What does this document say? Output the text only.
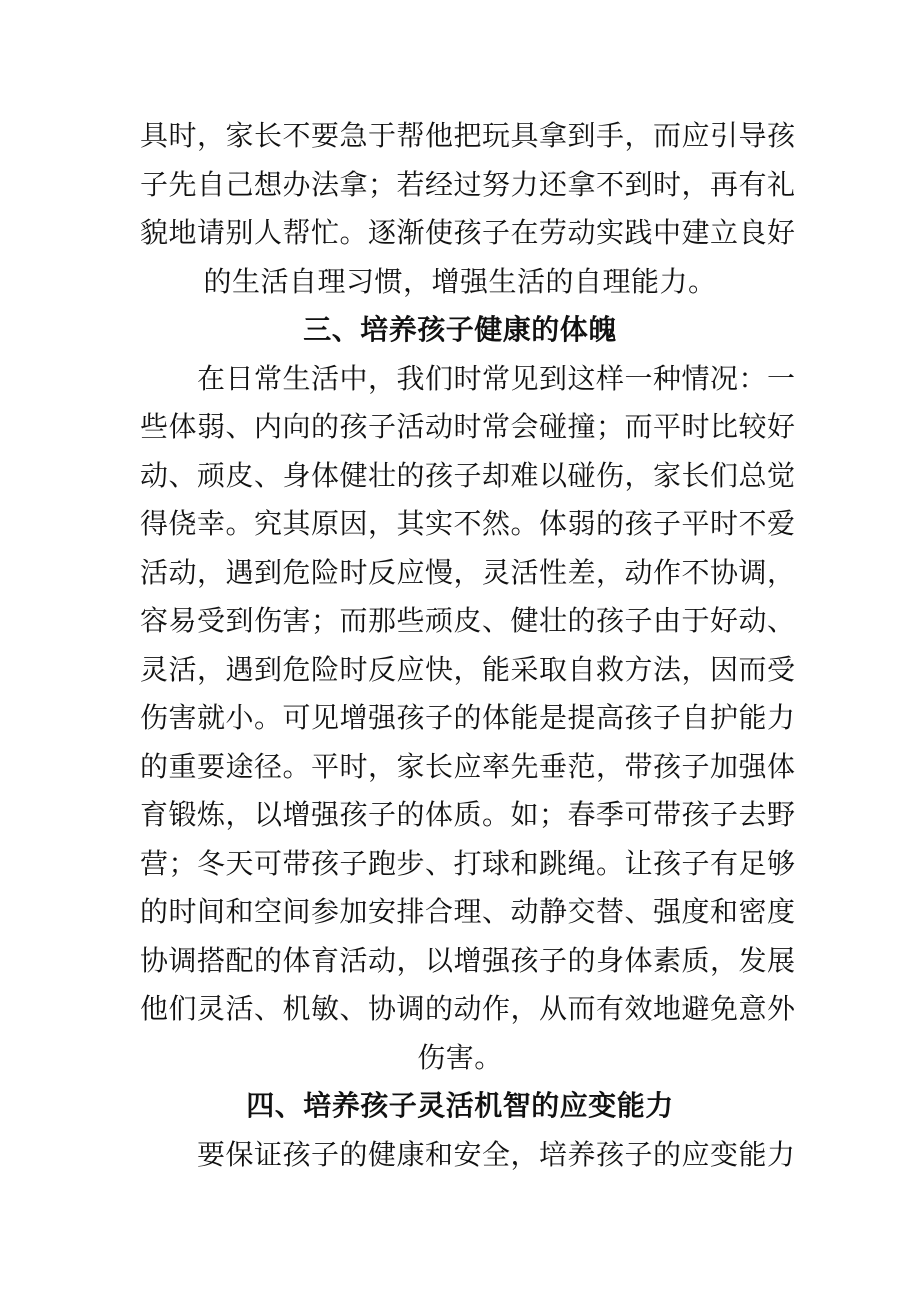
具时，家长不要急于帮他把玩具拿到手，而应引导孩
子先自己想办法拿；若经过努力还拿不到时，再有礼
貌地请别人帮忙。逐渐使孩子在劳动实践中建立良好
的生活自理习惯，增强生活的自理能力。
三、培养孩子健康的体魄
　　在日常生活中，我们时常见到这样一种情况：一
些体弱、内向的孩子活动时常会碰撞；而平时比较好
动、顽皮、身体健壮的孩子却难以碰伤，家长们总觉
得侥幸。究其原因，其实不然。体弱的孩子平时不爱
活动，遇到危险时反应慢，灵活性差，动作不协调，
容易受到伤害；而那些顽皮、健壮的孩子由于好动、
灵活，遇到危险时反应快，能采取自救方法，因而受
伤害就小。可见增强孩子的体能是提高孩子自护能力
的重要途径。平时，家长应率先垂范，带孩子加强体
育锻炼，以增强孩子的体质。如；春季可带孩子去野
营；冬天可带孩子跑步、打球和跳绳。让孩子有足够
的时间和空间参加安排合理、动静交替、强度和密度
协调搭配的体育活动，以增强孩子的身体素质，发展
他们灵活、机敏、协调的动作，从而有效地避免意外
伤害。
四、培养孩子灵活机智的应变能力
　　要保证孩子的健康和安全，培养孩子的应变能力
